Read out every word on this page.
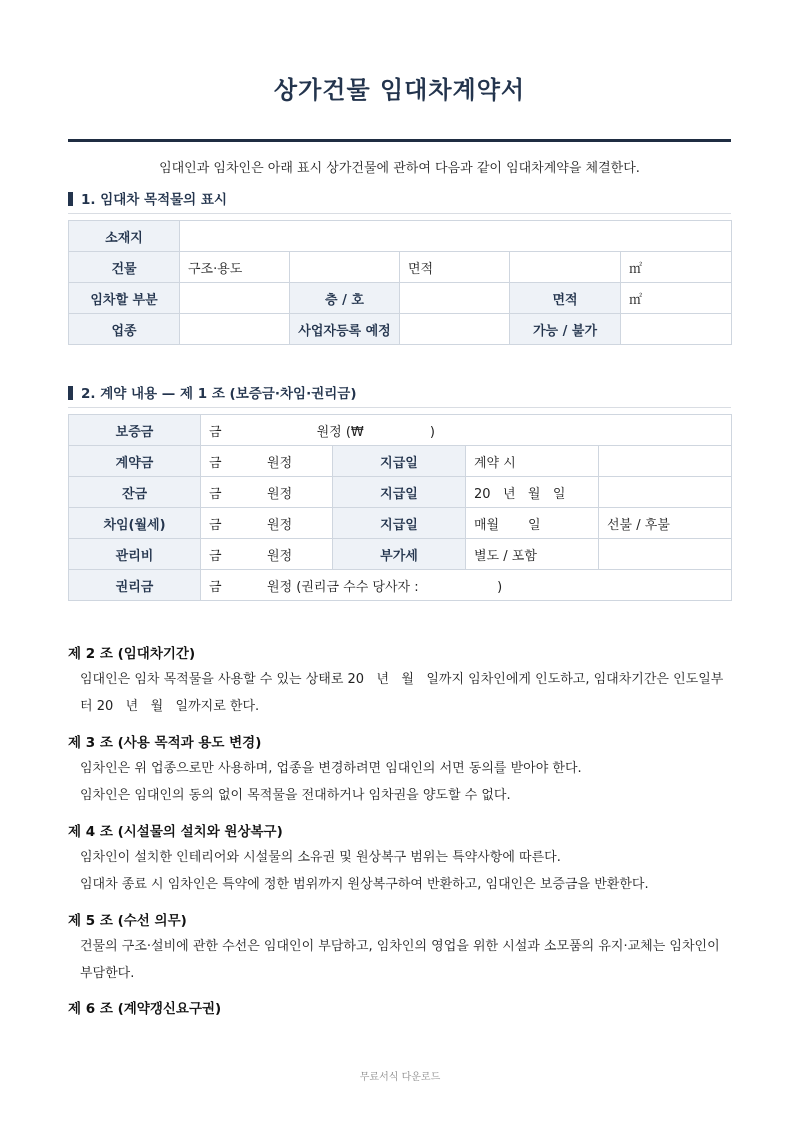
상가건물 임대차계약서
임대인과 임차인은 아래 표시 상가건물에 관하여 다음과 같이 임대차계약을 체결한다.
1. 임대차 목적물의 표시
소재지					
건물	구조·용도		면적		㎡
임차할 부분		층 / 호		면적	㎡
업종		사업자등록 예정		가능 / 불가	
2. 계약 내용 — 제 1 조 (보증금·차임·권리금)
보증금	금                       원정 (₩                )			
계약금	금           원정	지급일	계약 시	
잔금	금           원정	지급일	20   년   월   일	
차임(월세)	금           원정	지급일	매월       일	선불 / 후불
관리비	금           원정	부가세	별도 / 포함	
권리금	금           원정 (권리금 수수 당사자 :                   )			
제 2 조 (임대차기간)

임대인은 임차 목적물을 사용할 수 있는 상태로 20   년   월   일까지 임차인에게 인도하고, 임대차기간은 인도일부터 20   년   월   일까지로 한다.

제 3 조 (사용 목적과 용도 변경)

임차인은 위 업종으로만 사용하며, 업종을 변경하려면 임대인의 서면 동의를 받아야 한다.

임차인은 임대인의 동의 없이 목적물을 전대하거나 임차권을 양도할 수 없다.

제 4 조 (시설물의 설치와 원상복구)

임차인이 설치한 인테리어와 시설물의 소유권 및 원상복구 범위는 특약사항에 따른다.

임대차 종료 시 임차인은 특약에 정한 범위까지 원상복구하여 반환하고, 임대인은 보증금을 반환한다.

제 5 조 (수선 의무)

건물의 구조·설비에 관한 수선은 임대인이 부담하고, 임차인의 영업을 위한 시설과 소모품의 유지·교체는 임차인이 부담한다.

제 6 조 (계약갱신요구권)
무료서식 다운로드
